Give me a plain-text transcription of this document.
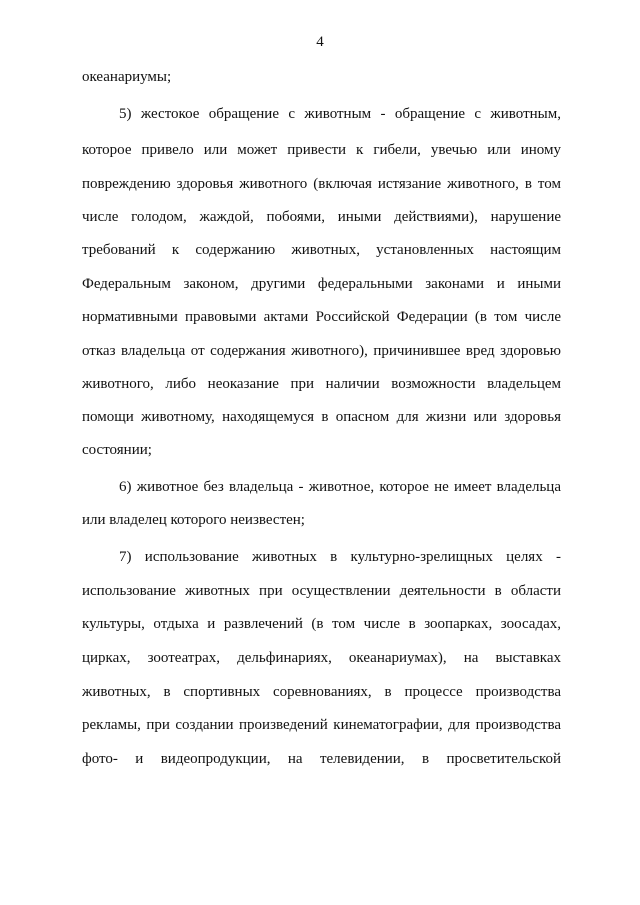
4
океанариумы;
5) жестокое обращение с животным - обращение с животным,
которое привело или может привести к гибели, увечью или иному
повреждению здоровья животного (включая истязание животного, в том
числе голодом, жаждой, побоями, иными действиями), нарушение
требований к содержанию животных, установленных настоящим
Федеральным законом, другими федеральными законами и иными
нормативными правовыми актами Российской Федерации (в том числе
отказ владельца от содержания животного), причинившее вред здоровью
животного, либо неоказание при наличии возможности владельцем
помощи животному, находящемуся в опасном для жизни или здоровья
состоянии;
6) животное без владельца - животное, которое не имеет владельца
или владелец которого неизвестен;
7) использование животных в культурно-зрелищных целях -
использование животных при осуществлении деятельности в области
культуры, отдыха и развлечений (в том числе в зоопарках, зоосадах,
цирках, зоотеатрах, дельфинариях, океанариумах), на выставках
животных, в спортивных соревнованиях, в процессе производства
рекламы, при создании произведений кинематографии, для производства
фото- и видеопродукции, на телевидении, в просветительской
